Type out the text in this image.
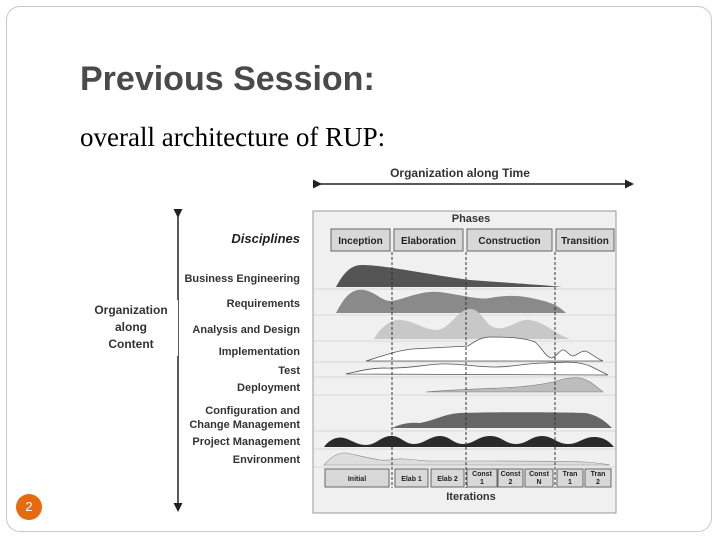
Previous Session:
overall architecture of RUP:
Organization along Time
Organization along Content
Disciplines
Phases
Inception Elaboration Construction Transition
Business Engineering
Requirements
Analysis and Design
Implementation
Test
Deployment
Configuration and Change Management
Project Management
Environment
Initial	Elab 1 Elab 2
Const 1
Const 2
Const N
Tran 1
Tran 2
Iterations
2
